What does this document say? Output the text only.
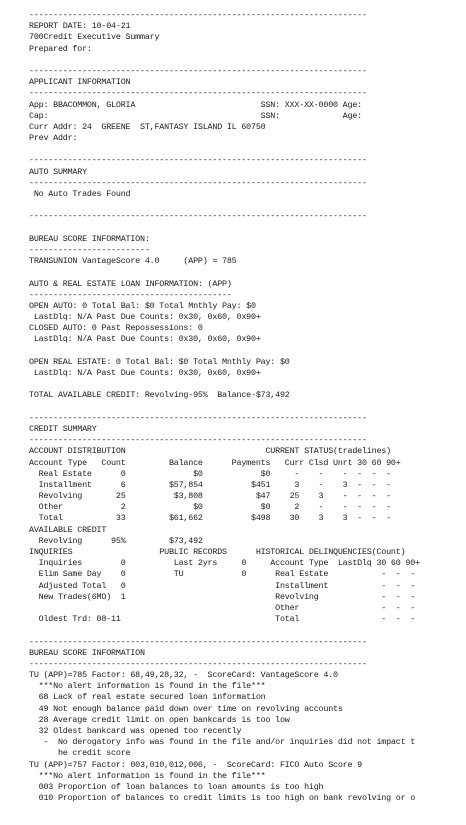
----------------------------------------------------------------------
REPORT DATE: 10-04-21
700Credit Executive Summary
Prepared for:
----------------------------------------------------------------------
APPLICANT INFORMATION
----------------------------------------------------------------------
App: BBACOMMON, GLORIA                          SSN: XXX-XX-0000 Age:
Cap:                                            SSN:             Age:
Curr Addr: 24  GREENE  ST,FANTASY ISLAND IL 60750
Prev Addr:
----------------------------------------------------------------------
AUTO SUMMARY
----------------------------------------------------------------------
No Auto Trades Found
----------------------------------------------------------------------
BUREAU SCORE INFORMATION:
-------------------------
TRANSUNION VantageScore 4.0     (APP) = 785
AUTO & REAL ESTATE LOAN INFORMATION: (APP)
------------------------------------------
OPEN AUTO: 0 Total Bal: $0 Total Mnthly Pay: $0
LastDlq: N/A Past Due Counts: 0x30, 0x60, 0x90+
CLOSED AUTO: 0 Past Repossessions: 0
LastDlq: N/A Past Due Counts: 0x30, 0x60, 0x90+
OPEN REAL ESTATE: 0 Total Bal: $0 Total Mnthly Pay: $0
LastDlq: N/A Past Due Counts: 0x30, 0x60, 0x90+
TOTAL AVAILABLE CREDIT: Revolving-95%  Balance-$73,492
----------------------------------------------------------------------
CREDIT SUMMARY
----------------------------------------------------------------------
ACCOUNT DISTRIBUTION                             CURRENT STATUS(tradelines)
Account Type   Count         Balance      Payments   Curr Clsd Unrt 30 60 90+
Real Estate      0              $0            $0     -    -    -  -  -  -
Installment      6         $57,854          $451     3    -    3  -  -  -
Revolving       25          $3,808           $47    25    3    -  -  -  -
Other            2              $0            $0     2    -    -  -  -  -
Total           33         $61,662          $498    30    3    3  -  -  -
AVAILABLE CREDIT
Revolving      95%         $73,492
INQUIRIES                  PUBLIC RECORDS      HISTORICAL DELINQUENCIES(Count)
Inquiries        0          Last 2yrs     0     Account Type  LastDlq 30 60 90+
Elim Same Day    0          TU            0      Real Estate           -  -  -
Adjusted Total   0                               Installment           -  -  -
New Trades(6MO)  1                               Revolving             -  -  -
Other                 -  -  -
Oldest Trd: 08-11                                Total                 -  -  -
----------------------------------------------------------------------
BUREAU SCORE INFORMATION
----------------------------------------------------------------------
TU (APP)=785 Factor: 68,49,28,32, -  ScoreCard: VantageScore 4.0
***No alert information is found in the file***
68 Lack of real estate secured loan information
49 Not enough balance paid down over time on revolving accounts
28 Average credit limit on open bankcards is too low
32 Oldest bankcard was opened too recently
-  No derogatory info was found in the file and/or inquiries did not impact t
he credit score
TU (APP)=757 Factor: 003,010,012,006, -  ScoreCard: FICO Auto Score 9
***No alert information is found in the file***
003 Proportion of loan balances to loan amounts is too high
010 Proportion of balances to credit limits is too high on bank revolving or o
